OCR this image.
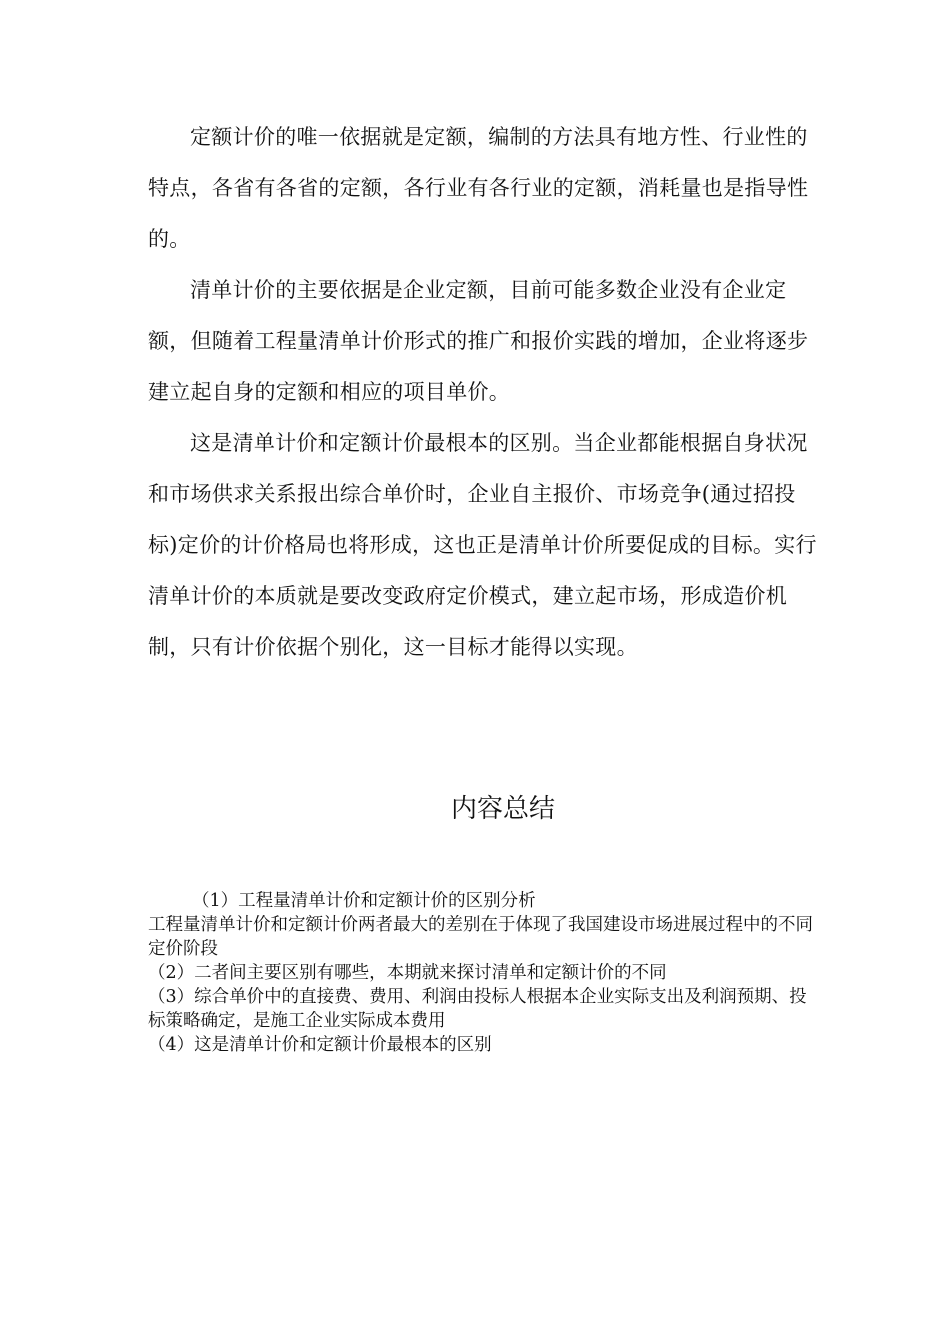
定额计价的唯一依据就是定额，编制的方法具有地方性、行业性的特点，各省有各省的定额，各行业有各行业的定额，消耗量也是指导性的。

清单计价的主要依据是企业定额，目前可能多数企业没有企业定额，但随着工程量清单计价形式的推广和报价实践的增加，企业将逐步建立起自身的定额和相应的项目单价。

这是清单计价和定额计价最根本的区别。当企业都能根据自身状况和市场供求关系报出综合单价时，企业自主报价、市场竞争(通过招投标)定价的计价格局也将形成，这也正是清单计价所要促成的目标。实行清单计价的本质就是要改变政府定价模式，建立起市场，形成造价机制，只有计价依据个别化，这一目标才能得以实现。

内容总结

（1）工程量清单计价和定额计价的区别分析

工程量清单计价和定额计价两者最大的差别在于体现了我国建设市场进展过程中的不同定价阶段

（2）二者间主要区别有哪些，本期就来探讨清单和定额计价的不同

（3）综合单价中的直接费、费用、利润由投标人根据本企业实际支出及利润预期、投标策略确定，是施工企业实际成本费用

（4）这是清单计价和定额计价最根本的区别
